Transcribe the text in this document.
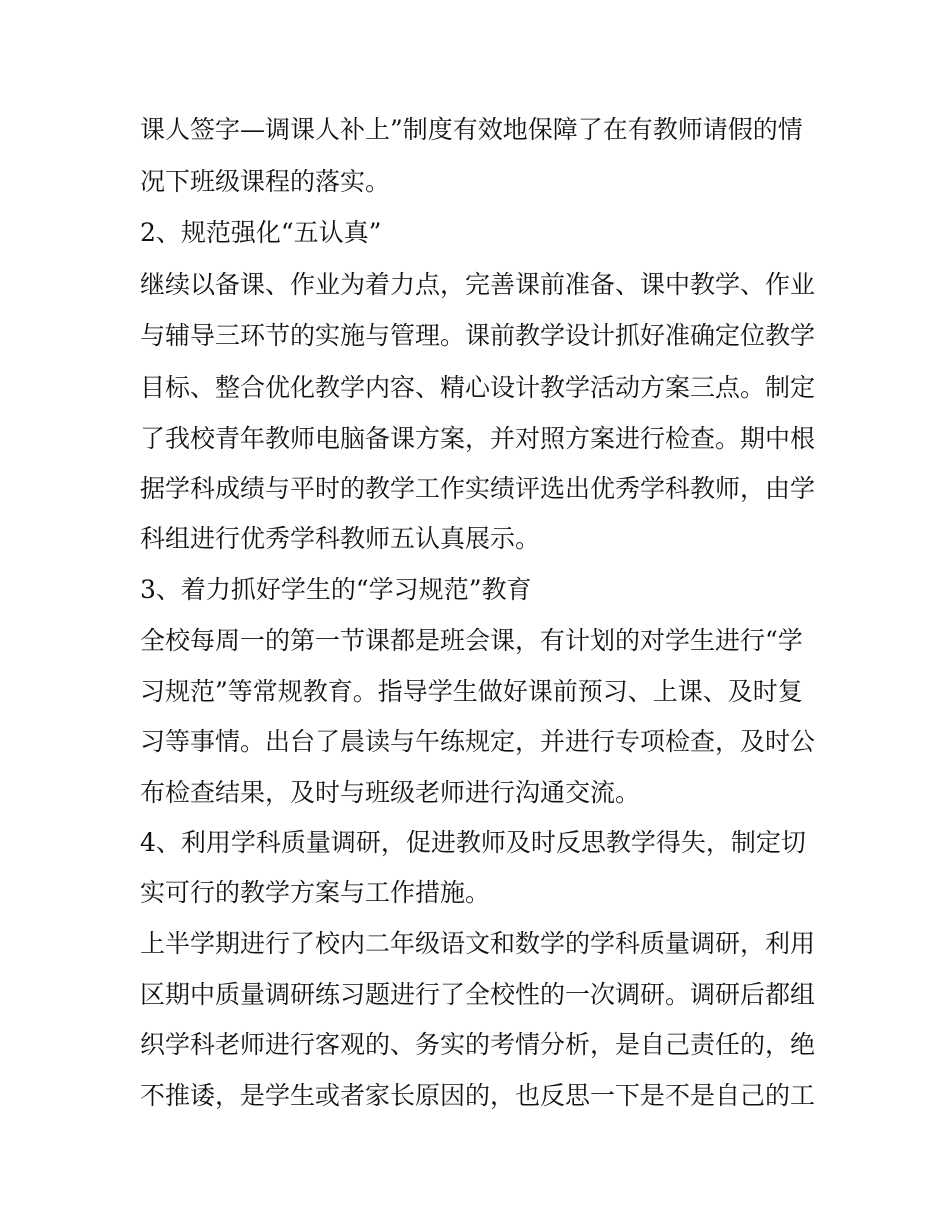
课人签字—调课人补上”制度有效地保障了在有教师请假的情
况下班级课程的落实。
2、规范强化“五认真”
继续以备课、作业为着力点，完善课前准备、课中教学、作业
与辅导三环节的实施与管理。课前教学设计抓好准确定位教学
目标、整合优化教学内容、精心设计教学活动方案三点。制定
了我校青年教师电脑备课方案，并对照方案进行检查。期中根
据学科成绩与平时的教学工作实绩评选出优秀学科教师，由学
科组进行优秀学科教师五认真展示。
3、着力抓好学生的“学习规范”教育
全校每周一的第一节课都是班会课，有计划的对学生进行“学
习规范”等常规教育。指导学生做好课前预习、上课、及时复
习等事情。出台了晨读与午练规定，并进行专项检查，及时公
布检查结果，及时与班级老师进行沟通交流。
4、利用学科质量调研，促进教师及时反思教学得失，制定切
实可行的教学方案与工作措施。
上半学期进行了校内二年级语文和数学的学科质量调研，利用
区期中质量调研练习题进行了全校性的一次调研。调研后都组
织学科老师进行客观的、务实的考情分析，是自己责任的，绝
不推诿，是学生或者家长原因的，也反思一下是不是自己的工
